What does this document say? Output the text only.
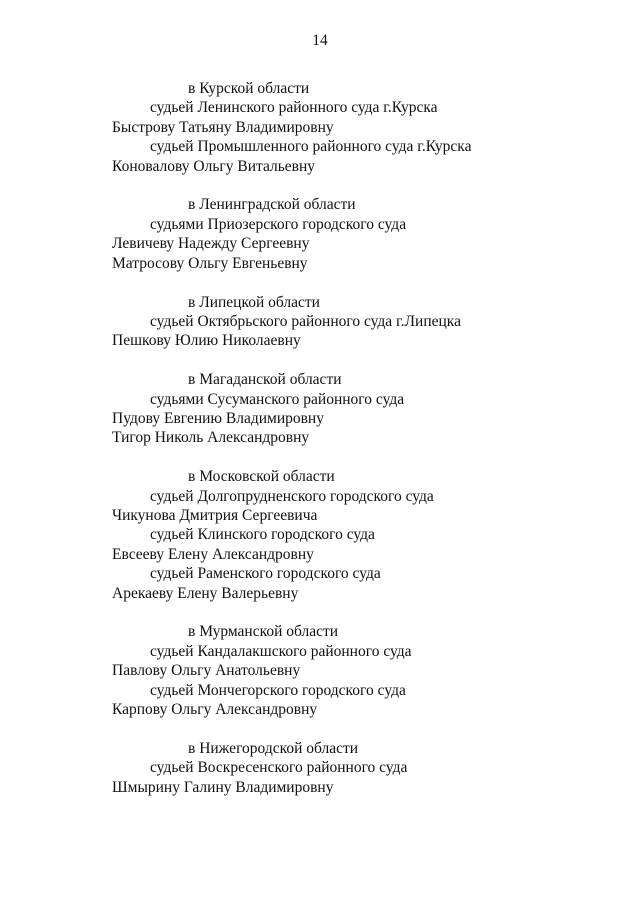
14
в Курской области
судьей Ленинского районного суда г.Курска
Быстрову Татьяну Владимировну
судьей Промышленного районного суда г.Курска
Коновалову Ольгу Витальевну
в Ленинградской области
судьями Приозерского городского суда
Левичеву Надежду Сергеевну
Матросову Ольгу Евгеньевну
в Липецкой области
судьей Октябрьского районного суда г.Липецка
Пешкову Юлию Николаевну
в Магаданской области
судьями Сусуманского районного суда
Пудову Евгению Владимировну
Тигор Николь Александровну
в Московской области
судьей Долгопрудненского городского суда
Чикунова Дмитрия Сергеевича
судьей Клинского городского суда
Евсееву Елену Александровну
судьей Раменского городского суда
Арекаеву Елену Валерьевну
в Мурманской области
судьей Кандалакшского районного суда
Павлову Ольгу Анатольевну
судьей Мончегорского городского суда
Карпову Ольгу Александровну
в Нижегородской области
судьей Воскресенского районного суда
Шмырину Галину Владимировну
